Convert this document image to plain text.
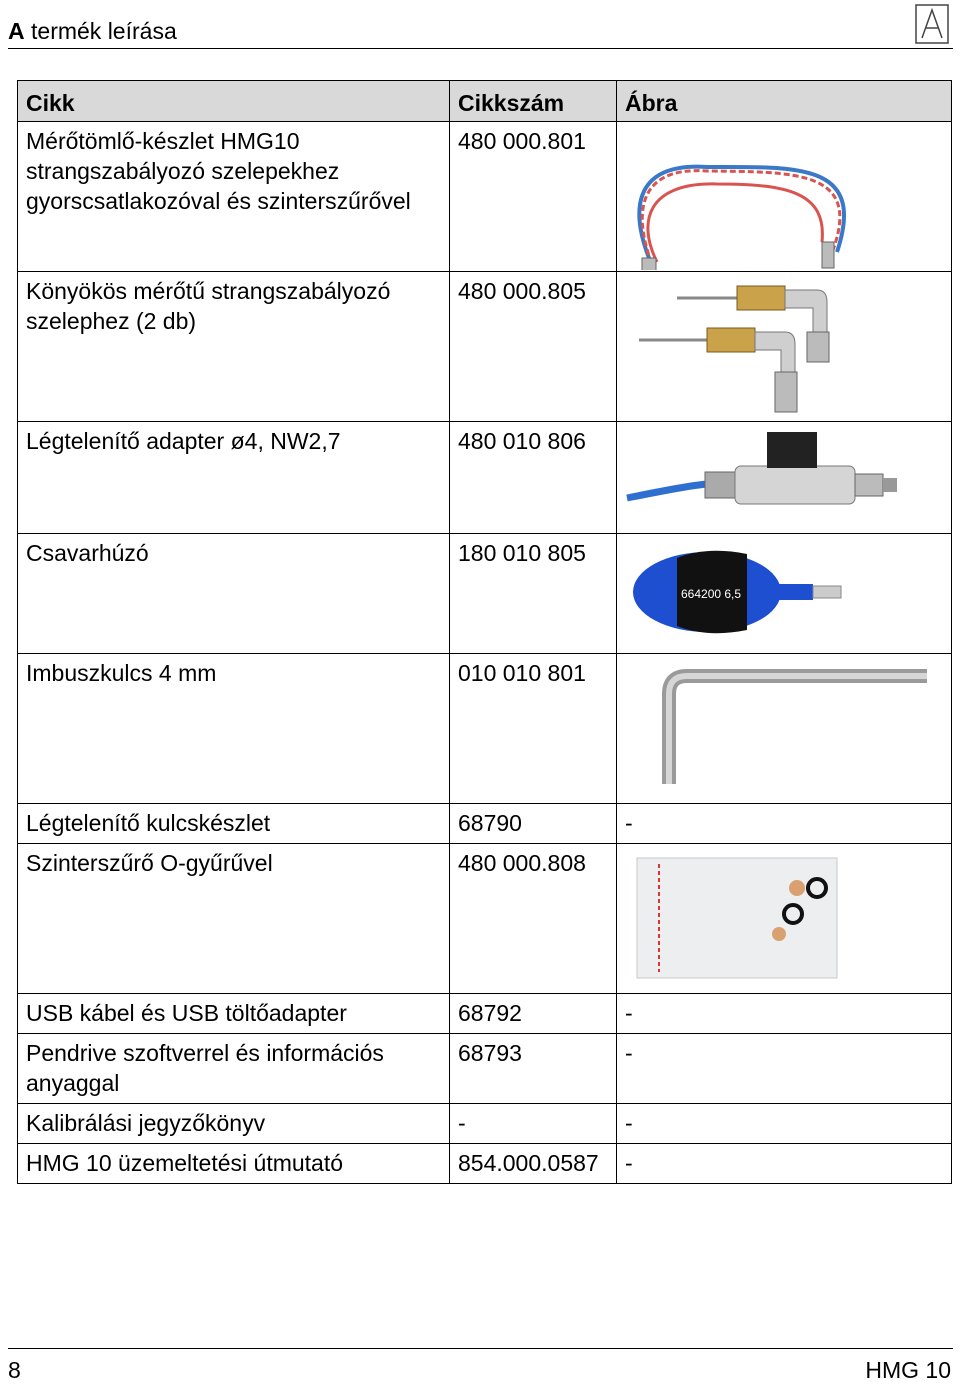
A termék leírása
Cikk	Cikkszám	Ábra
Mérőtömlő-készlet HMG10 strangszabályozó szelepekhez gyorscsatlakozóval és szinterszűrővel	480 000.801	

Könyökös mérőtű strangszabályozó szelephez (2 db)	480 000.805	

Légtelenítő adapter ø4, NW2,7	480 010 806	

Csavarhúzó	180 010 805	664200 6,5

Imbuszkulcs 4 mm	010 010 801	

Légtelenítő kulcskészlet	68790	-
Szinterszűrő O-gyűrűvel	480 000.808	

USB kábel és USB töltőadapter	68792	-
Pendrive szoftverrel és információs anyaggal	68793	-
Kalibrálási jegyzőkönyv	-	-
HMG 10 üzemeltetési útmutató	854.000.0587	-
8	HMG 10
